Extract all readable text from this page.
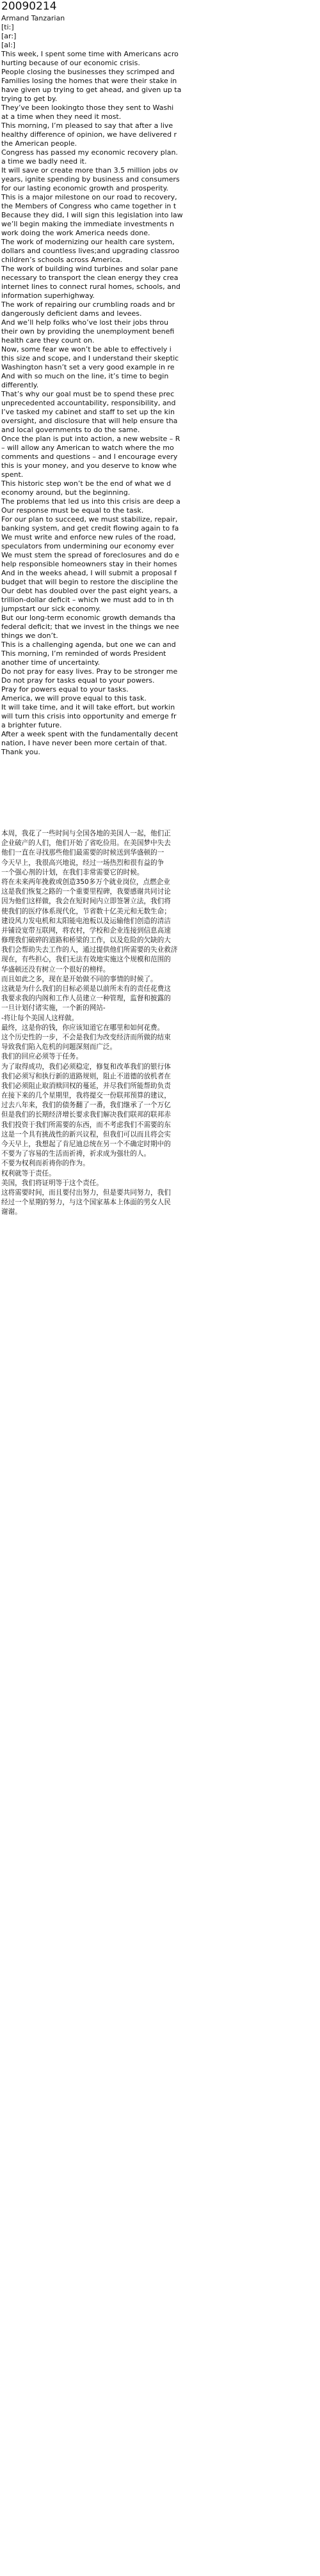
20090214
Armand Tanzarian
[ti:]
[ar:]
[al:]
This week, I spent some time with Americans acro
hurting because of our economic crisis.
People closing the businesses they scrimped and
Families losing the homes that were their stake in
have given up trying to get ahead, and given up ta
trying to get by.
They’ve been lookingto those they sent to Washi
at a time when they need it most.
This morning, I’m pleased to say that after a live
healthy difference of opinion, we have delivered r
the American people.
Congress has passed my economic recovery plan.
a time we badly need it.
It will save or create more than 3.5 million jobs ov
years, ignite spending by business and consumers
for our lasting economic growth and prosperity.
This is a major milestone on our road to recovery,
the Members of Congress who came together in t
Because they did, I will sign this legislation into law
we’ll begin making the immediate investments n
work doing the work America needs done.
The work of modernizing our health care system,
dollars and countless lives;and upgrading classroo
children’s schools across America.
The work of building wind turbines and solar pane
necessary to transport the clean energy they crea
internet lines to connect rural homes, schools, and
information superhighway.
The work of repairing our crumbling roads and br
dangerously deficient dams and levees.
And we’ll help folks who’ve lost their jobs throu
their own by providing the unemployment benefi
health care they count on.
Now, some fear we won’t be able to effectively i
this size and scope, and I understand their skeptic
Washington hasn’t set a very good example in re
And with so much on the line, it’s time to begin
differently.
That’s why our goal must be to spend these prec
unprecedented accountability, responsibility, and
I’ve tasked my cabinet and staff to set up the kin
oversight, and disclosure that will help ensure tha
and local governments to do the same.
Once the plan is put into action, a new website – R
– will allow any American to watch where the mo
comments and questions – and I encourage every
this is your money, and you deserve to know whe
spent.
This historic step won’t be the end of what we d
economy around, but the beginning.
The problems that led us into this crisis are deep a
Our response must be equal to the task.
For our plan to succeed, we must stabilize, repair,
banking system, and get credit flowing again to fa
We must write and enforce new rules of the road,
speculators from undermining our economy ever
We must stem the spread of foreclosures and do e
help responsible homeowners stay in their homes
And in the weeks ahead, I will submit a proposal f
budget that will begin to restore the discipline the
Our debt has doubled over the past eight years, a
trillion-dollar deficit – which we must add to in th
jumpstart our sick economy.
But our long-term economic growth demands tha
federal deficit; that we invest in the things we nee
things we don’t.
This is a challenging agenda, but one we can and
This morning, I’m reminded of words President
another time of uncertainty.
Do not pray for easy lives. Pray to be stronger me
Do not pray for tasks equal to your powers.
Pray for powers equal to your tasks.
America, we will prove equal to this task.
It will take time, and it will take effort, but workin
will turn this crisis into opportunity and emerge fr
a brighter future.
After a week spent with the fundamentally decent
nation, I have never been more certain of that.
Thank you.
本周，我花了一些时间与全国各地的美国人一起，他们正
企业破产的人们，他们开始了省吃俭用。在美国梦中失去
他们一直在寻找那些他们最需要的时候送到华盛顿的一
今天早上，我很高兴地说，经过一场热烈和很有益的争
一个强心剂的计划，在我们非常需要它的时候。
将在未来两年挽救或创造350多万个就业岗位，点燃企业
这是我们恢复之路的一个重要里程碑，我要感谢共同讨论
因为他们这样做，我会在短时间内立即签署立法，我们将
使我们的医疗体系现代化，节省数十亿美元和无数生命；
建设风力发电机和太阳能电池板以及运输他们创造的清洁
并铺设宽带互联网，将农村，学校和企业连接到信息高速
修理我们破碎的道路和桥梁的工作，以及危险的欠缺的大
我们会帮助失去工作的人，通过提供他们所需要的失业救济
现在，有些担心，我们无法有效地实施这个规模和范围的
华盛顿还没有树立一个很好的榜样。
而且如此之多，现在是开始做不同的事情的时候了。
这就是为什么我们的目标必须是以前所未有的责任花费这
我要求我的内阁和工作人员建立一种管理，监督和披露的
一旦计划付诸实施，一个新的网站-
-将让每个美国人这样做。
最终，这是你的钱，你应该知道它在哪里和如何花费。
这个历史性的一步，不会是我们为改变经济而所做的结束
导致我们陷入危机的问题深刻而广泛。
我们的回应必须等于任务。
为了取得成功，我们必须稳定，修复和改革我们的银行体
我们必须写和执行新的道路规则，阻止不道德的放机者在
我们必须阻止取消赎回权的蔓延，并尽我们所能帮助负责
在接下来的几个星期里，我将提交一份联邦预算的建议，
过去八年来，我们的债务翻了一番，我们继承了一个万亿
但是我们的长期经济增长要求我们解决我们联邦的联邦赤
我们投资于我们所需要的东西，而不考虑我们不需要的东
这是一个具有挑战性的新兴议程，但我们可以而且将会实
今天早上，我想起了肯尼迪总统在另一个不确定时期中的
不要为了容易的生活而祈祷，祈求成为强壮的人。
不要为权利而祈祷你的作为。
权利就等于责任。
美国，我们将证明等于这个责任。
这将需要时间，而且要付出努力，但是要共同努力，我们
经过一个星期的努力，与这个国家基本上体面的男女人民
谢谢。
